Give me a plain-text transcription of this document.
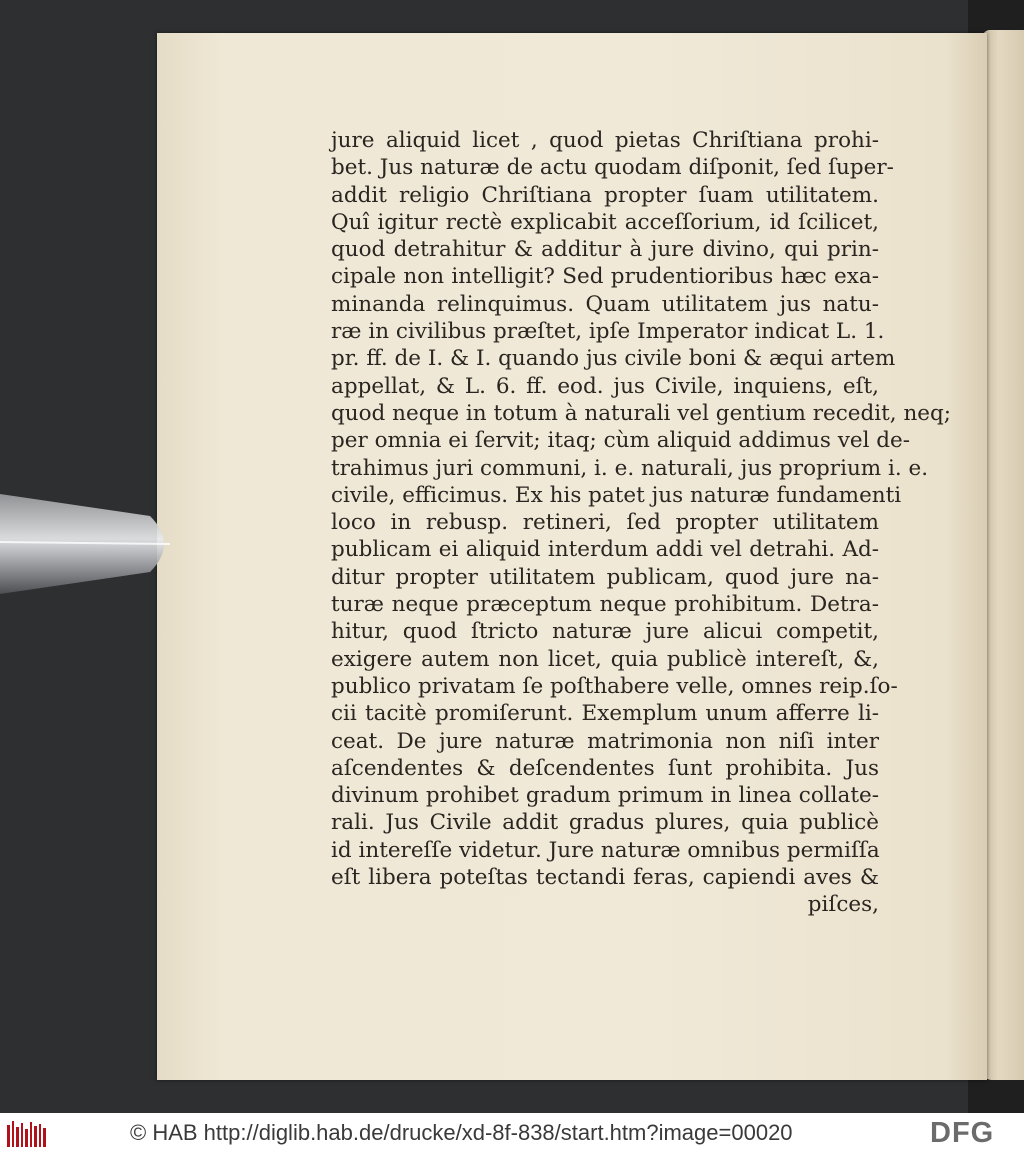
jure aliquid licet , quod pietas Chriſtiana prohi-
bet. Jus naturæ de actu quodam diſponit, ſed ſuper-
addit religio Chriſtiana propter ſuam utilitatem.
Quî igitur rectè explicabit acceſſorium, id ſcilicet,
quod detrahitur & additur à jure divino, qui prin-
cipale non intelligit? Sed prudentioribus hæc exa-
minanda relinquimus. Quam utilitatem jus natu-
ræ in civilibus præſtet, ipſe Imperator indicat L. 1.
pr. ff. de I. & I. quando jus civile boni & æqui artem
appellat, & L. 6. ff. eod. jus Civile, inquiens, eſt,
quod neque in totum à naturali vel gentium recedit, neq;
per omnia ei ſervit; itaq; cùm aliquid addimus vel de-
trahimus juri communi, i. e. naturali, jus proprium i. e.
civile, efficimus. Ex his patet jus naturæ fundamenti
loco in rebusp. retineri, ſed propter utilitatem
publicam ei aliquid interdum addi vel detrahi. Ad-
ditur propter utilitatem publicam, quod jure na-
turæ neque præceptum neque prohibitum. Detra-
hitur, quod ſtricto naturæ jure alicui competit,
exigere autem non licet, quia publicè intereſt, &,
publico privatam ſe poſthabere velle, omnes reip.ſo-
cii tacitè promiſerunt. Exemplum unum afferre li-
ceat. De jure naturæ matrimonia non niſi inter
aſcendentes & deſcendentes ſunt prohibita. Jus
divinum prohibet gradum primum in linea collate-
rali. Jus Civile addit gradus plures, quia publicè
id intereſſe videtur. Jure naturæ omnibus permiſſa
eſt libera poteſtas tectandi feras, capiendi aves &
piſces,
© HAB http://diglib.hab.de/drucke/xd-8f-838/start.htm?image=00020	DFG
